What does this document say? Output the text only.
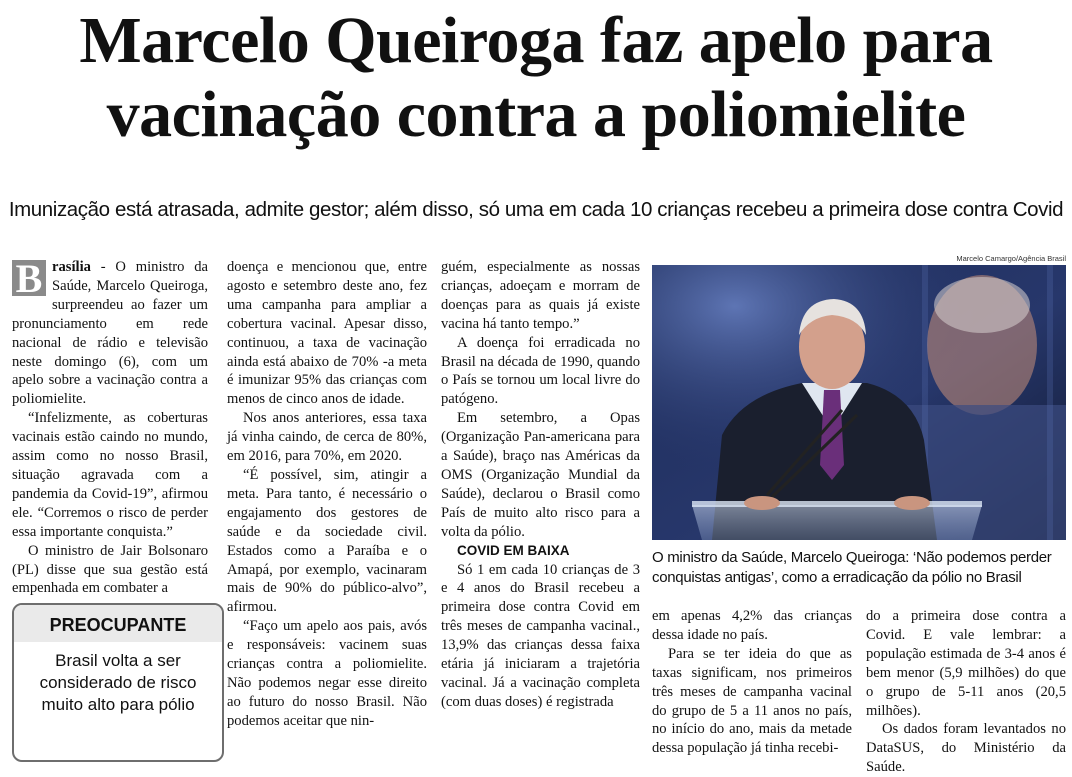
Marcelo Queiroga faz apelo para
vacinação contra a poliomielite
Imunização está atrasada, admite gestor; além disso, só uma em cada 10 crianças recebeu a primeira dose contra Covid

B rasília - O ministro da Saúde, Marcelo Queiroga, surpreendeu ao fazer um pronunciamento em rede nacional de rádio e televisão neste domingo (6), com um apelo sobre a vacinação contra a poliomielite.

“Infelizmente, as coberturas vacinais estão caindo no mundo, assim como no nosso Brasil, situação agravada com a pandemia da Covid-19”, afirmou ele. “Corremos o risco de perder essa importante conquista.”

O ministro de Jair Bolsonaro (PL) disse que sua gestão está empenhada em combater a

PREOCUPANTE
Brasil volta a ser considerado de risco muito alto para pólio

doença e mencionou que, entre agosto e setembro deste ano, fez uma campanha para ampliar a cobertura vacinal. Apesar disso, continuou, a taxa de vacinação ainda está abaixo de 70% -a meta é imunizar 95% das crianças com menos de cinco anos de idade.

Nos anos anteriores, essa taxa já vinha caindo, de cerca de 80%, em 2016, para 70%, em 2020.

“É possível, sim, atingir a meta. Para tanto, é necessário o engajamento dos gestores de saúde e da sociedade civil. Estados como a Paraíba e o Amapá, por exemplo, vacinaram mais de 90% do público-alvo”, afirmou.

“Faço um apelo aos pais, avós e responsáveis: vacinem suas crianças contra a poliomielite. Não podemos negar esse direito ao futuro do nosso Brasil. Não podemos aceitar que nin-

guém, especialmente as nossas crianças, adoeçam e morram de doenças para as quais já existe vacina há tanto tempo.”

A doença foi erradicada no Brasil na década de 1990, quando o País se tornou um local livre do patógeno.

Em setembro, a Opas (Organização Pan-americana para a Saúde), braço nas Américas da OMS (Organização Mundial da Saúde), declarou o Brasil como País de muito alto risco para a volta da pólio.

COVID EM BAIXA

Só 1 em cada 10 crianças de 3 e 4 anos do Brasil recebeu a primeira dose contra Covid em três meses de campanha vacinal., 13,9% das crianças dessa faixa etária já iniciaram a trajetória vacinal. Já a vacinação completa (com duas doses) é registrada

Marcelo Camargo/Agência Brasil
O ministro da Saúde, Marcelo Queiroga: ‘Não podemos perder conquistas antigas’, como a erradicação da pólio no Brasil

em apenas 4,2% das crianças dessa idade no país.

Para se ter ideia do que as taxas significam, nos primeiros três meses de campanha vacinal do grupo de 5 a 11 anos no país, no início do ano, mais da metade dessa população já tinha recebi-

do a primeira dose contra a Covid. E vale lembrar: a população estimada de 3-4 anos é bem menor (5,9 milhões) do que o grupo de 5-11 anos (20,5 milhões).

Os dados foram levantados no DataSUS, do Ministério da Saúde.
